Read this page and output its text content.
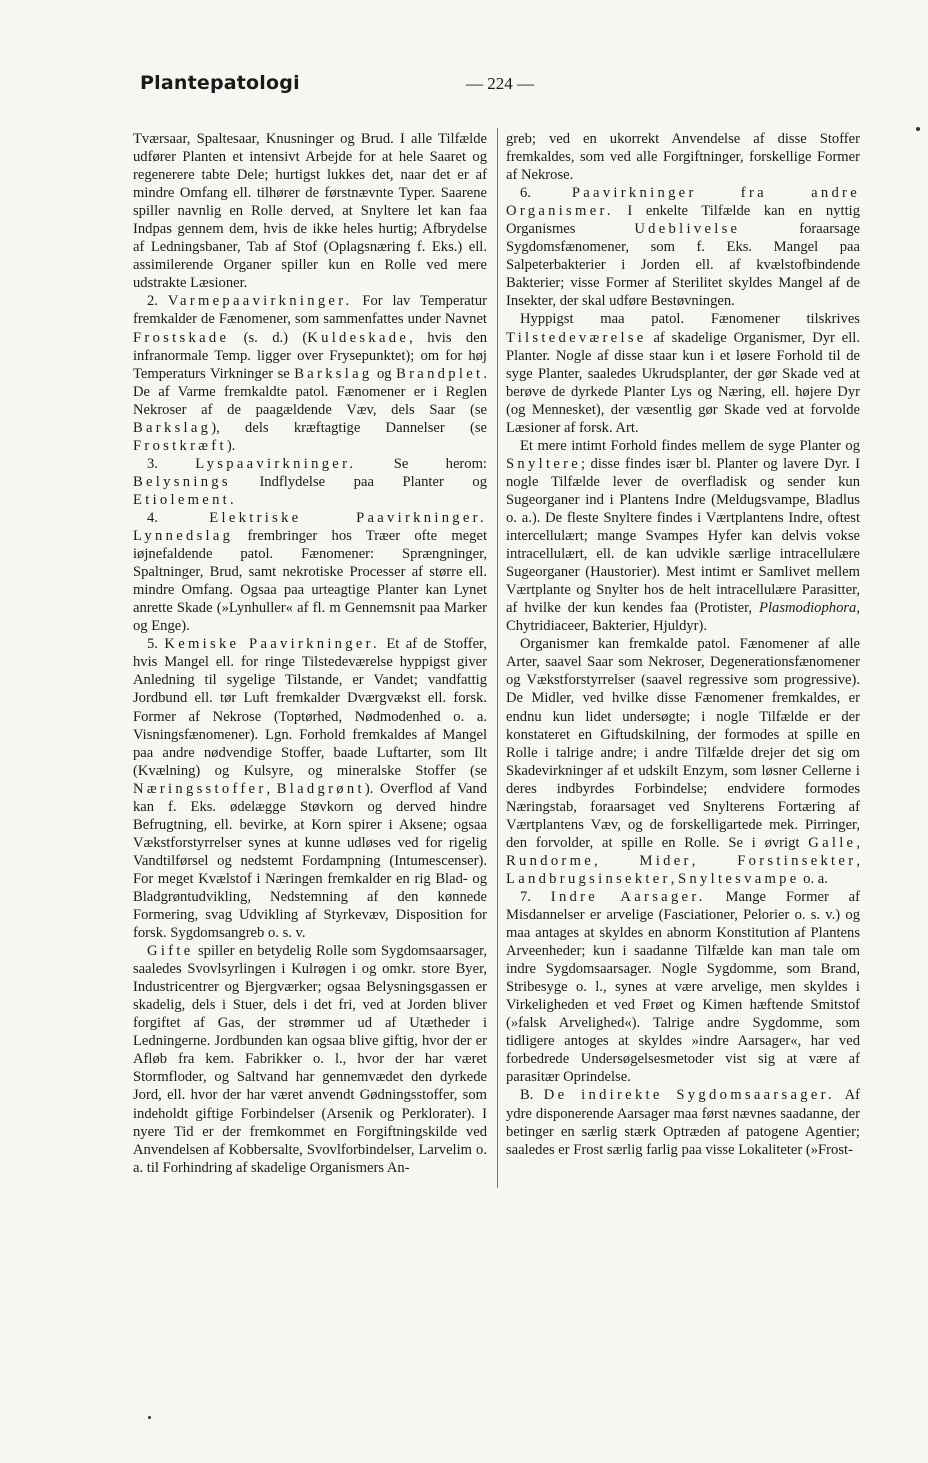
Plantepatologi	— 224 —

Tværsaar, Spaltesaar, Knusninger og Brud. I alle Tilfælde udfører Planten et intensivt Arbejde for at hele Saaret og regenerere tabte Dele; hurtigst lukkes det, naar det er af mindre Omfang ell. tilhører de førstnævnte Typer. Saarene spiller navnlig en Rolle derved, at Snyltere let kan faa Indpas gennem dem, hvis de ikke heles hurtig; Afbrydelse af Ledningsbaner, Tab af Stof (Oplagsnæring f. Eks.) ell. assimilerende Organer spiller kun en Rolle ved mere udstrakte Læsioner.

2. Varmepaavirkninger. For lav Temperatur fremkalder de Fænomener, som sammenfattes under Navnet Frostskade (s. d.) (Kuldeskade, hvis den infranormale Temp. ligger over Frysepunktet); om for høj Temperaturs Virkninger se Barkslag og Brandplet. De af Varme fremkaldte patol. Fænomener er i Reglen Nekroser af de paagældende Væv, dels Saar (se Barkslag), dels kræftagtige Dannelser (se Frostkræft).

3.	Lyspaavirkninger. Se herom: Belysnings Indflydelse paa Planter og Etiolement.

4.	Elektriske Paavirkninger. Lynnedslag frembringer hos Træer ofte meget iøjnefaldende patol. Fænomener: Sprængninger, Spaltninger, Brud, samt nekrotiske Processer af større ell. mindre Omfang. Ogsaa paa urteagtige Planter kan Lynet anrette Skade (»Lynhuller« af fl. m Gennemsnit paa Marker og Enge).

5. Kemiske Paavirkninger. Et af de Stoffer, hvis Mangel ell. for ringe Tilstedeværelse hyppigst giver Anledning til sygelige Tilstande, er Vandet; vandfattig Jordbund ell. tør Luft fremkalder Dværgvækst ell. forsk. Former af Nekrose (Toptørhed, Nødmodenhed o. a. Visningsfænomener). Lgn. Forhold fremkaldes af Mangel paa andre nødvendige Stoffer, baade Luftarter, som Ilt (Kvælning) og Kulsyre, og mineralske Stoffer (se Næringsstoffer, Bladgrønt). Overflod af Vand kan f. Eks. ødelægge Støvkorn og derved hindre Befrugtning, ell. bevirke, at Korn spirer i Aksene; ogsaa Vækstforstyrrelser synes at kunne udløses ved for rigelig Vandtilførsel og nedstemt Fordampning (Intumescenser). For meget Kvælstof i Næringen fremkalder en rig Blad- og Bladgrøntudvikling, Nedstemning af den kønnede Formering, svag Udvikling af Styrkevæv, Disposition for forsk. Sygdomsangreb o. s. v.

Gifte spiller en betydelig Rolle som Sygdomsaarsager, saaledes Svovlsyrlingen i Kulrøgen i og omkr. store Byer, Industricentrer og Bjergværker; ogsaa Belysningsgassen er skadelig, dels i Stuer, dels i det fri, ved at Jorden bliver forgiftet af Gas, der strømmer ud af Utætheder i Ledningerne. Jordbunden kan ogsaa blive giftig, hvor der er Afløb fra kem. Fabrikker o. l., hvor der har været Stormfloder, og Saltvand har gennemvædet den dyrkede Jord, ell. hvor der har været anvendt Gødningsstoffer, som indeholdt giftige Forbindelser (Arsenik og Perklorater). I nyere Tid er der fremkommet en Forgiftningskilde ved Anvendelsen af Kobbersalte, Svovlforbindelser, Larvelim o. a. til Forhindring af skadelige Organismers An-

greb; ved en ukorrekt Anvendelse af disse Stoffer fremkaldes, som ved alle Forgiftninger, forskellige Former af Nekrose.

6.	Paavirkninger fra andre Organismer. I enkelte Tilfælde kan en nyttig Organismes Udeblivelse foraarsage Sygdomsfænomener, som f. Eks. Mangel paa Salpeterbakterier i Jorden ell. af kvælstofbindende Bakterier; visse Former af Sterilitet skyldes Mangel af de Insekter, der skal udføre Bestøvningen.

Hyppigst maa patol. Fænomener tilskrives Tilstedeværelse af skadelige Organismer, Dyr ell. Planter. Nogle af disse staar kun i et løsere Forhold til de syge Planter, saaledes Ukrudsplanter, der gør Skade ved at berøve de dyrkede Planter Lys og Næring, ell. højere Dyr (og Mennesket), der væsentlig gør Skade ved at forvolde Læsioner af forsk. Art.

Et mere intimt Forhold findes mellem de syge Planter og Snyltere; disse findes især bl. Planter og lavere Dyr. I nogle Tilfælde lever de overfladisk og sender kun Sugeorganer ind i Plantens Indre (Meldugsvampe, Bladlus o. a.). De fleste Snyltere findes i Værtplantens Indre, oftest intercellulært; mange Svampes Hyfer kan delvis vokse intracellulært, ell. de kan udvikle særlige intracellulære Sugeorganer (Haustorier). Mest intimt er Samlivet mellem Værtplante og Snylter hos de helt intracellulære Parasitter, af hvilke der kun kendes faa (Protister, Plasmodiophora, Chytridiaceer, Bakterier, Hjuldyr).

Organismer kan fremkalde patol. Fænomener af alle Arter, saavel Saar som Nekroser, Degenerationsfænomener og Vækstforstyrrelser (saavel regressive som progressive). De Midler, ved hvilke disse Fænomener fremkaldes, er endnu kun lidet undersøgte; i nogle Tilfælde er der konstateret en Giftudskilning, der formodes at spille en Rolle i talrige andre; i andre Tilfælde drejer det sig om Skadevirkninger af et udskilt Enzym, som løsner Cellerne i deres indbyrdes Forbindelse; endvidere formodes Næringstab, foraarsaget ved Snylterens Fortæring af Værtplantens Væv, og de forskelligartede mek. Pirringer, den forvolder, at spille en Rolle. Se i øvrigt Galle, Rundorme, Mider, Forstinsekter, Landbrugsinsekter, Snyltesvampe o. a.

7. Indre Aarsager. Mange Former af Misdannelser er arvelige (Fasciationer, Pelorier o. s. v.) og maa antages at skyldes en abnorm Konstitution af Plantens Arveenheder; kun i saadanne Tilfælde kan man tale om indre Sygdomsaarsager. Nogle Sygdomme, som Brand, Stribesyge o. l., synes at være arvelige, men skyldes i Virkeligheden et ved Frøet og Kimen hæftende Smitstof (»falsk Arvelighed«). Talrige andre Sygdomme, som tidligere antoges at skyldes »indre Aarsager«, har ved forbedrede Undersøgelsesmetoder vist sig at være af parasitær Oprindelse.

B. De indirekte Sygdomsaarsager. Af ydre disponerende Aarsager maa først nævnes saadanne, der betinger en særlig stærk Optræden af patogene Agentier; saaledes er Frost særlig farlig paa visse Lokaliteter (»Frost-
